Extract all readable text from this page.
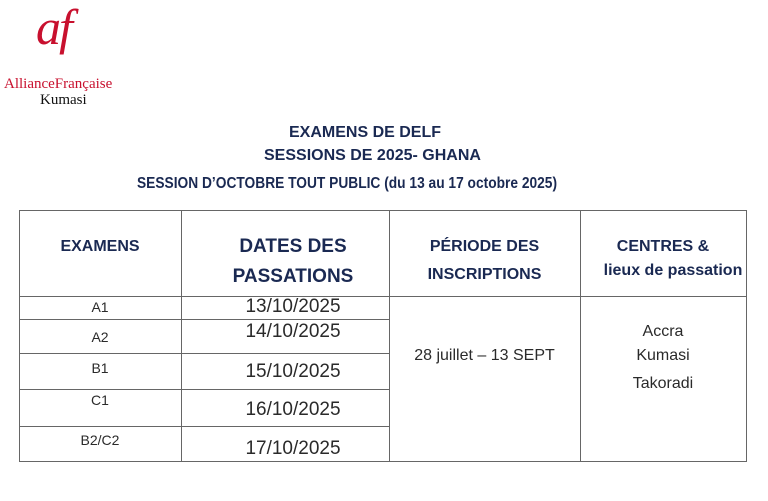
af
AllianceFrançaise
Kumasi
EXAMENS DE DELF
SESSIONS DE 2025- GHANA
SESSION D’OCTOBRE TOUT PUBLIC (du 13 au 17 octobre 2025)
EXAMENS	DATES DES
PASSATIONS
PÉRIODE DES
INSCRIPTIONS
CENTRES &
lieux de passation
A1
A2
B1
C1
B2/C2
13/10/2025
14/10/2025
15/10/2025
16/10/2025
17/10/2025
28 juillet – 13 SEPT
Accra
Kumasi
Takoradi
